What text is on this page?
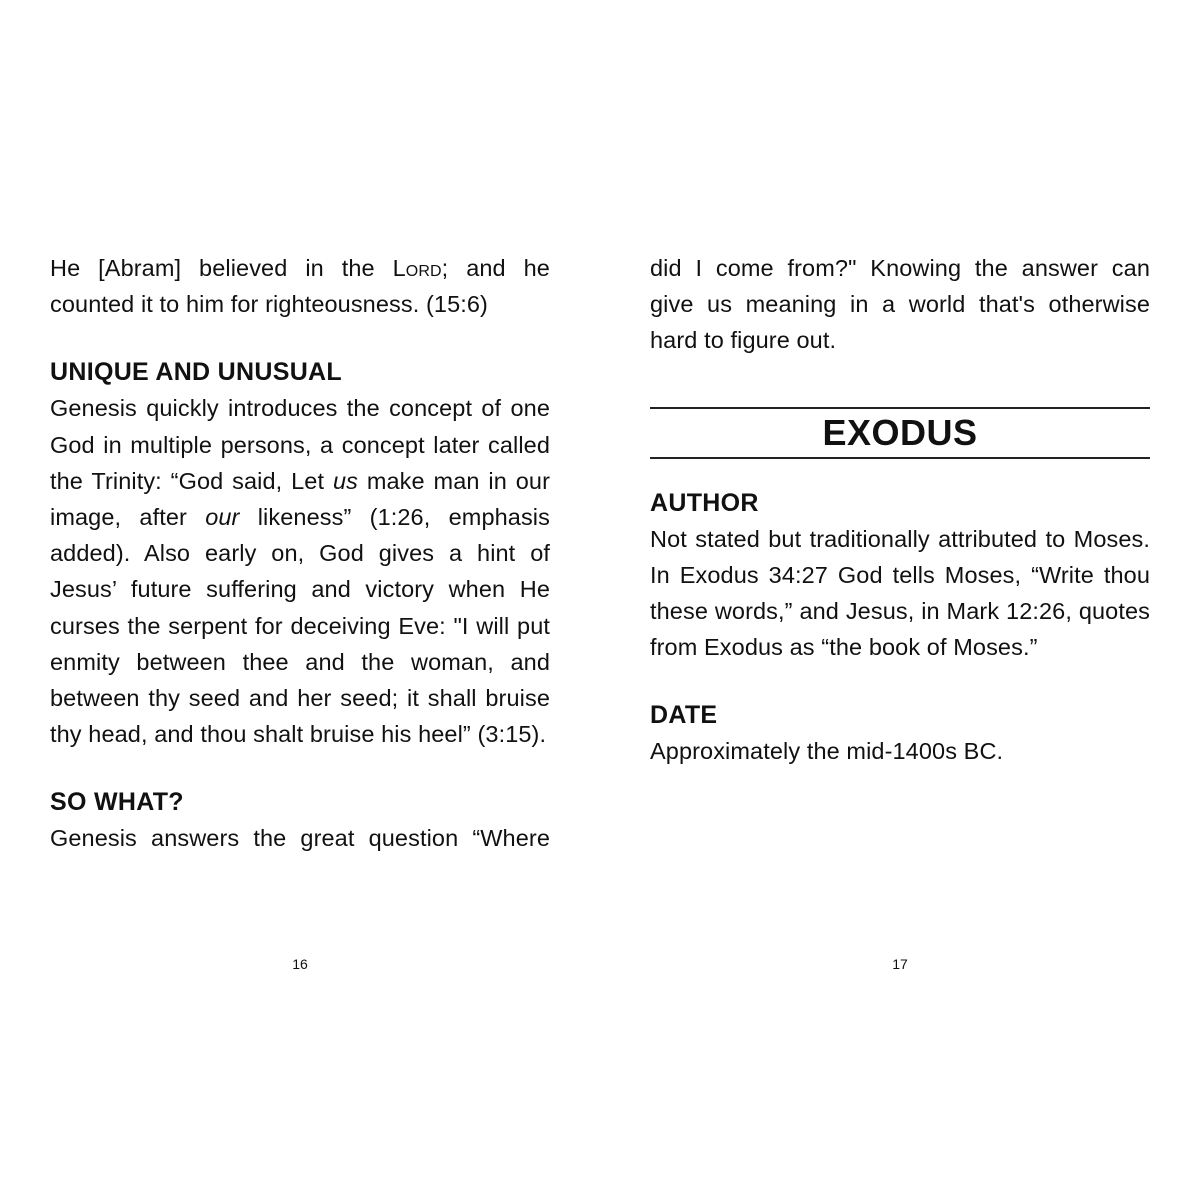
He [Abram] believed in the Lord; and he counted it to him for righteousness. (15:6)

UNIQUE AND UNUSUAL

Genesis quickly introduces the concept of one God in multiple persons, a concept later called the Trinity: “God said, Let us make man in our image, after our likeness” (1:26, emphasis added). Also early on, God gives a hint of Jesus’ future suffering and victory when He curses the serpent for deceiving Eve: "I will put enmity between thee and the woman, and between thy seed and her seed; it shall bruise thy head, and thou shalt bruise his heel” (3:15).

SO WHAT?

Genesis answers the great question “Where

did I come from?" Knowing the answer can give us meaning in a world that's otherwise hard to figure out.

EXODUS
AUTHOR

Not stated but traditionally attributed to Moses. In Exodus 34:27 God tells Moses, “Write thou these words,” and Jesus, in Mark 12:26, quotes from Exodus as “the book of Moses.”

DATE

Approximately the mid-1400s BC.

16	17
